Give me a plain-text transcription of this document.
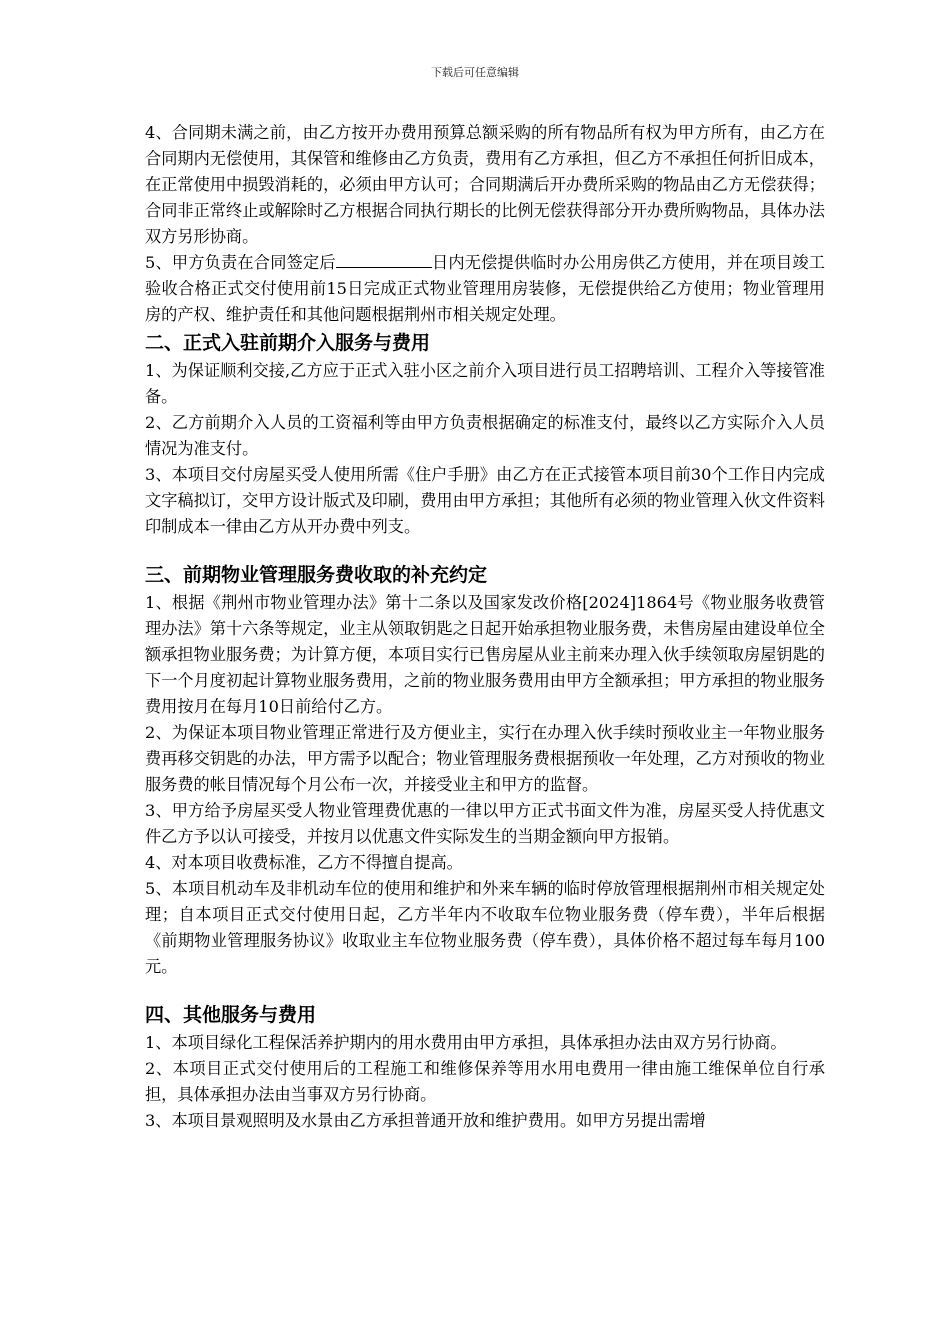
下载后可任意编辑

4、合同期未满之前，由乙方按开办费用预算总额采购的所有物品所有权为甲方所有，由乙方在合同期内无偿使用，其保管和维修由乙方负责，费用有乙方承担，但乙方不承担任何折旧成本，在正常使用中损毁消耗的，必须由甲方认可；合同期满后开办费所采购的物品由乙方无偿获得；合同非正常终止或解除时乙方根据合同执行期长的比例无偿获得部分开办费所购物品，具体办法双方另形协商。

5、甲方负责在合同签定后	日内无偿提供临时办公用房供乙方使用，并在项目竣工验收合格正式交付使用前15日完成正式物业管理用房装修，无偿提供给乙方使用；物业管理用房的产权、维护责任和其他问题根据荆州市相关规定处理。

二、正式入驻前期介入服务与费用

1、为保证顺利交接,乙方应于正式入驻小区之前介入项目进行员工招聘培训、工程介入等接管准备。

2、乙方前期介入人员的工资福利等由甲方负责根据确定的标准支付，最终以乙方实际介入人员情况为准支付。

3、本项目交付房屋买受人使用所需《住户手册》由乙方在正式接管本项目前30个工作日内完成文字稿拟订，交甲方设计版式及印刷，费用由甲方承担；其他所有必须的物业管理入伙文件资料印制成本一律由乙方从开办费中列支。

三、前期物业管理服务费收取的补充约定

1、根据《荆州市物业管理办法》第十二条以及国家发改价格[2024]1864号《物业服务收费管理办法》第十六条等规定，业主从领取钥匙之日起开始承担物业服务费，未售房屋由建设单位全额承担物业服务费；为计算方便，本项目实行已售房屋从业主前来办理入伙手续领取房屋钥匙的下一个月度初起计算物业服务费用，之前的物业服务费用由甲方全额承担；甲方承担的物业服务费用按月在每月10日前给付乙方。

2、为保证本项目物业管理正常进行及方便业主，实行在办理入伙手续时预收业主一年物业服务费再移交钥匙的办法，甲方需予以配合；物业管理服务费根据预收一年处理，乙方对预收的物业服务费的帐目情况每个月公布一次，并接受业主和甲方的监督。

3、甲方给予房屋买受人物业管理费优惠的一律以甲方正式书面文件为准，房屋买受人持优惠文件乙方予以认可接受，并按月以优惠文件实际发生的当期金额向甲方报销。

4、对本项目收费标准，乙方不得擅自提高。

5、本项目机动车及非机动车位的使用和维护和外来车辆的临时停放管理根据荆州市相关规定处理；自本项目正式交付使用日起，乙方半年内不收取车位物业服务费（停车费），半年后根据《前期物业管理服务协议》收取业主车位物业服务费（停车费），具体价格不超过每车每月100元。

四、其他服务与费用

1、本项目绿化工程保活养护期内的用水费用由甲方承担，具体承担办法由双方另行协商。

2、本项目正式交付使用后的工程施工和维修保养等用水用电费用一律由施工维保单位自行承担，具体承担办法由当事双方另行协商。

3、本项目景观照明及水景由乙方承担普通开放和维护费用。如甲方另提出需增
